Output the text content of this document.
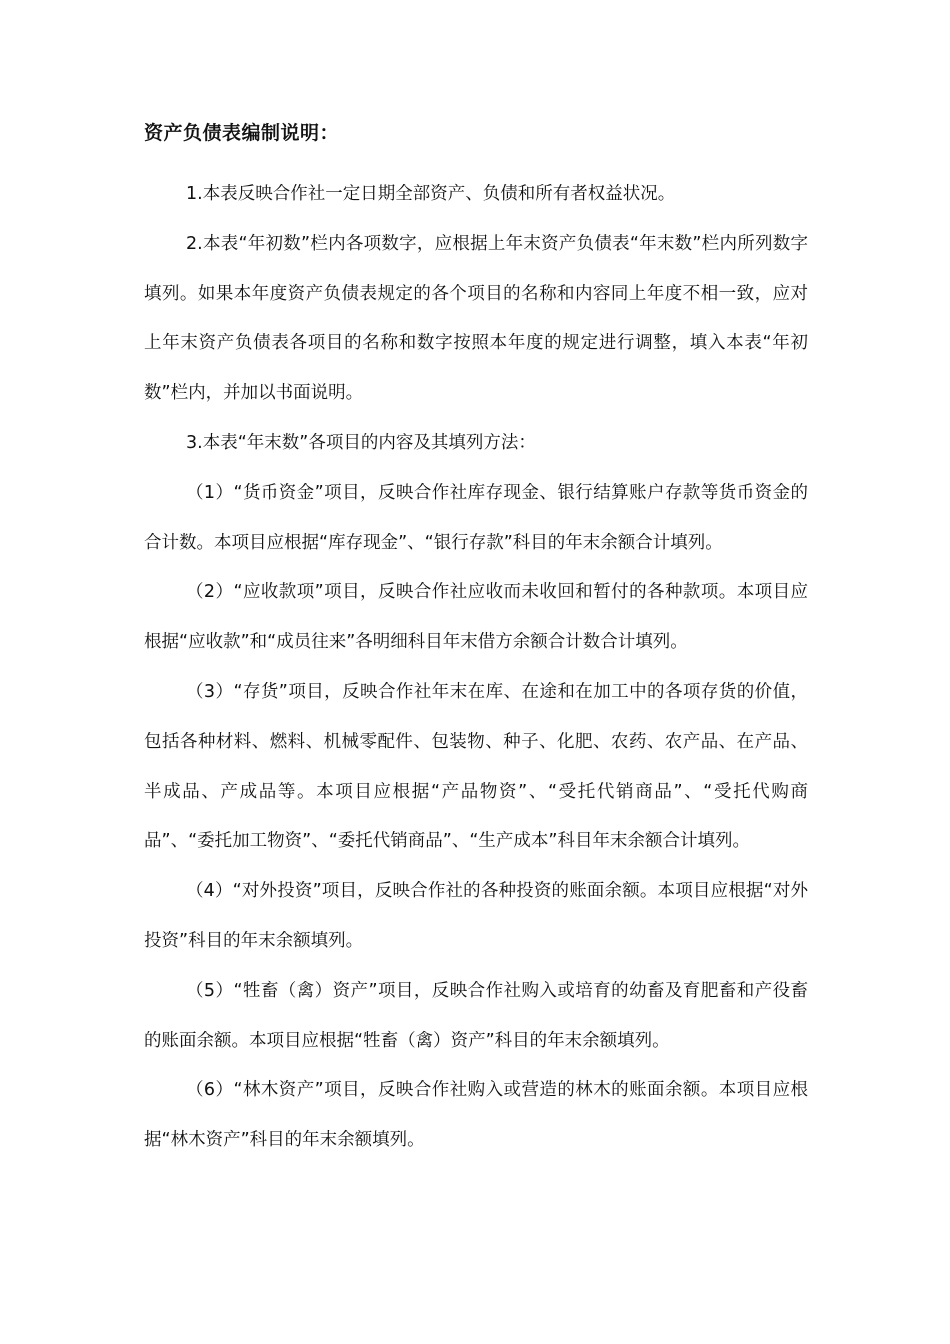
资产负债表编制说明：

1.本表反映合作社一定日期全部资产、负债和所有者权益状况。

2.本表“年初数”栏内各项数字，应根据上年末资产负债表“年末数”栏内所列数字填列。如果本年度资产负债表规定的各个项目的名称和内容同上年度不相一致，应对上年末资产负债表各项目的名称和数字按照本年度的规定进行调整，填入本表“年初数”栏内，并加以书面说明。

3.本表“年末数”各项目的内容及其填列方法：

（1）“货币资金”项目，反映合作社库存现金、银行结算账户存款等货币资金的合计数。本项目应根据“库存现金”、“银行存款”科目的年末余额合计填列。

（2）“应收款项”项目，反映合作社应收而未收回和暂付的各种款项。本项目应根据“应收款”和“成员往来”各明细科目年末借方余额合计数合计填列。

（3）“存货”项目，反映合作社年末在库、在途和在加工中的各项存货的价值，包括各种材料、燃料、机械零配件、包装物、种子、化肥、农药、农产品、在产品、半成品、产成品等。本项目应根据“产品物资”、“受托代销商品”、“受托代购商品”、“委托加工物资”、“委托代销商品”、“生产成本”科目年末余额合计填列。

（4）“对外投资”项目，反映合作社的各种投资的账面余额。本项目应根据“对外投资”科目的年末余额填列。

（5）“牲畜（禽）资产”项目，反映合作社购入或培育的幼畜及育肥畜和产役畜的账面余额。本项目应根据“牲畜（禽）资产”科目的年末余额填列。

（6）“林木资产”项目，反映合作社购入或营造的林木的账面余额。本项目应根据“林木资产”科目的年末余额填列。
